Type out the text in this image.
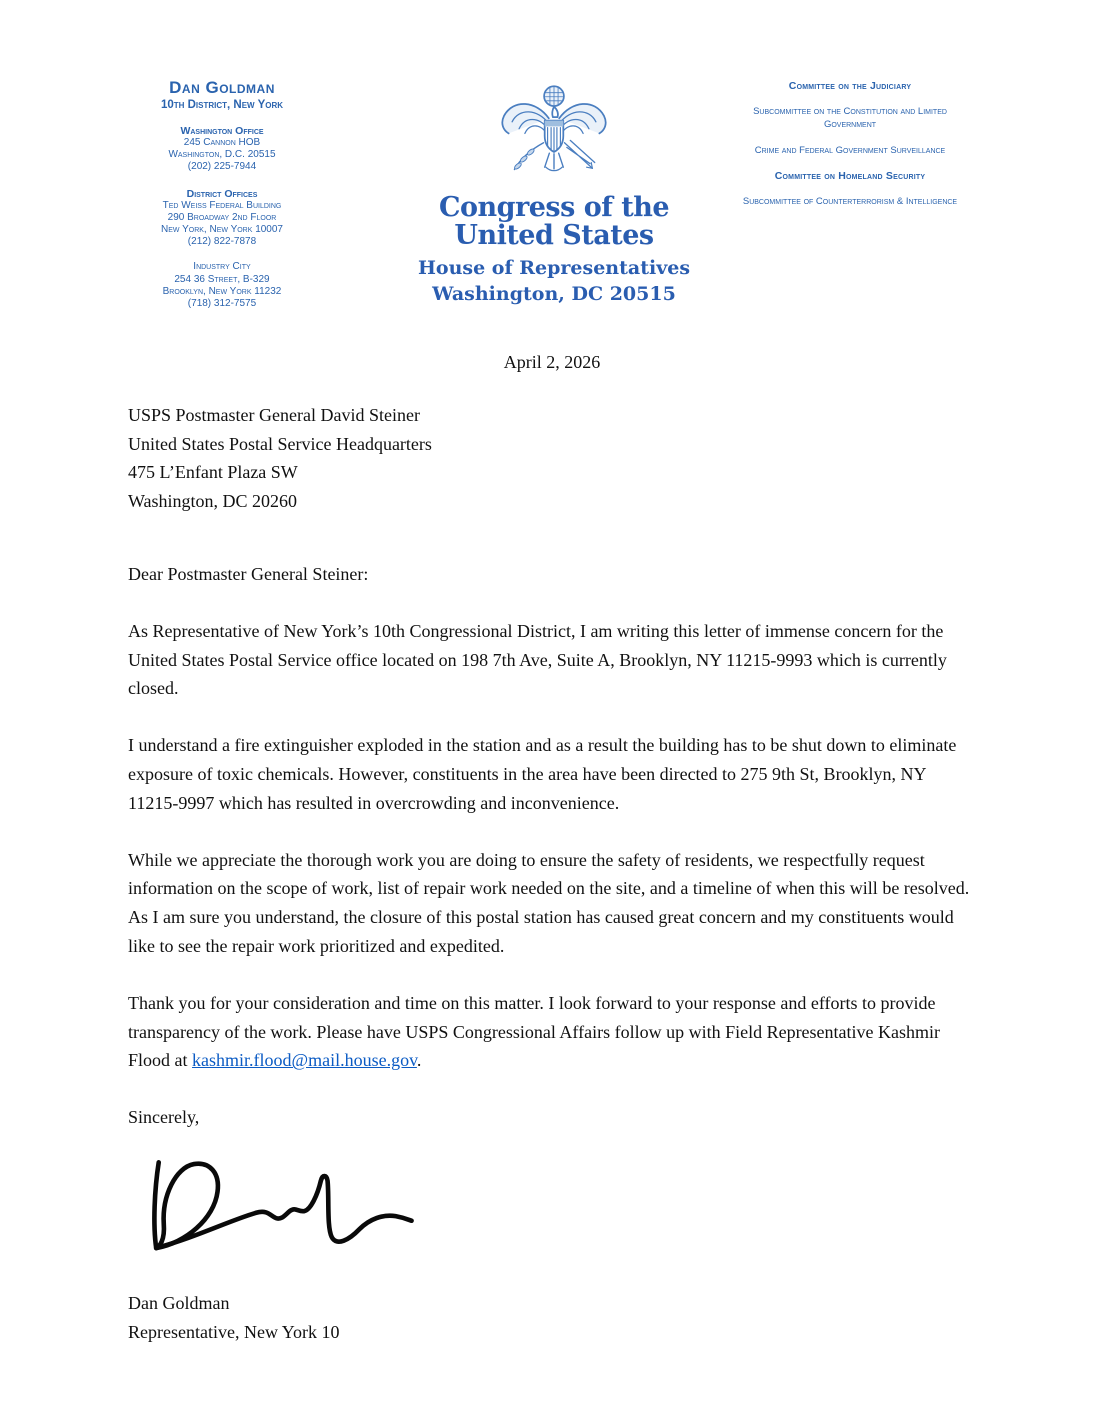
Dan Goldman
10th District, New York
Washington Office
245 Cannon HOB
Washington, D.C. 20515
(202) 225-7944
District Offices
Ted Weiss Federal Building
290 Broadway 2nd Floor
New York, New York 10007
(212) 822-7878
Industry City
254 36 Street, B-329
Brooklyn, New York 11232
(718) 312-7575
Congress of the United States
House of Representatives
Washington, DC 20515
Committee on the Judiciary
Subcommittee on the Constitution and Limited Government
Crime and Federal Government Surveillance
Committee on Homeland Security
Subcommittee of Counterterrorism & Intelligence

April 2, 2026

USPS Postmaster General David Steiner
United States Postal Service Headquarters
475 L’Enfant Plaza SW
Washington, DC 20260

Dear Postmaster General Steiner:

As Representative of New York’s 10th Congressional District, I am writing this letter of immense concern for the United States Postal Service office located on 198 7th Ave, Suite A, Brooklyn, NY 11215-9993 which is currently closed.

I understand a fire extinguisher exploded in the station and as a result the building has to be shut down to eliminate exposure of toxic chemicals. However, constituents in the area have been directed to 275 9th St, Brooklyn, NY 11215-9997 which has resulted in overcrowding and inconvenience.

While we appreciate the thorough work you are doing to ensure the safety of residents, we respectfully request information on the scope of work, list of repair work needed on the site, and a timeline of when this will be resolved. As I am sure you understand, the closure of this postal station has caused great concern and my constituents would like to see the repair work prioritized and expedited.

Thank you for your consideration and time on this matter. I look forward to your response and efforts to provide transparency of the work. Please have USPS Congressional Affairs follow up with Field Representative Kashmir Flood at kashmir.flood@mail.house.gov.

Sincerely,

Dan Goldman
Representative, New York 10
